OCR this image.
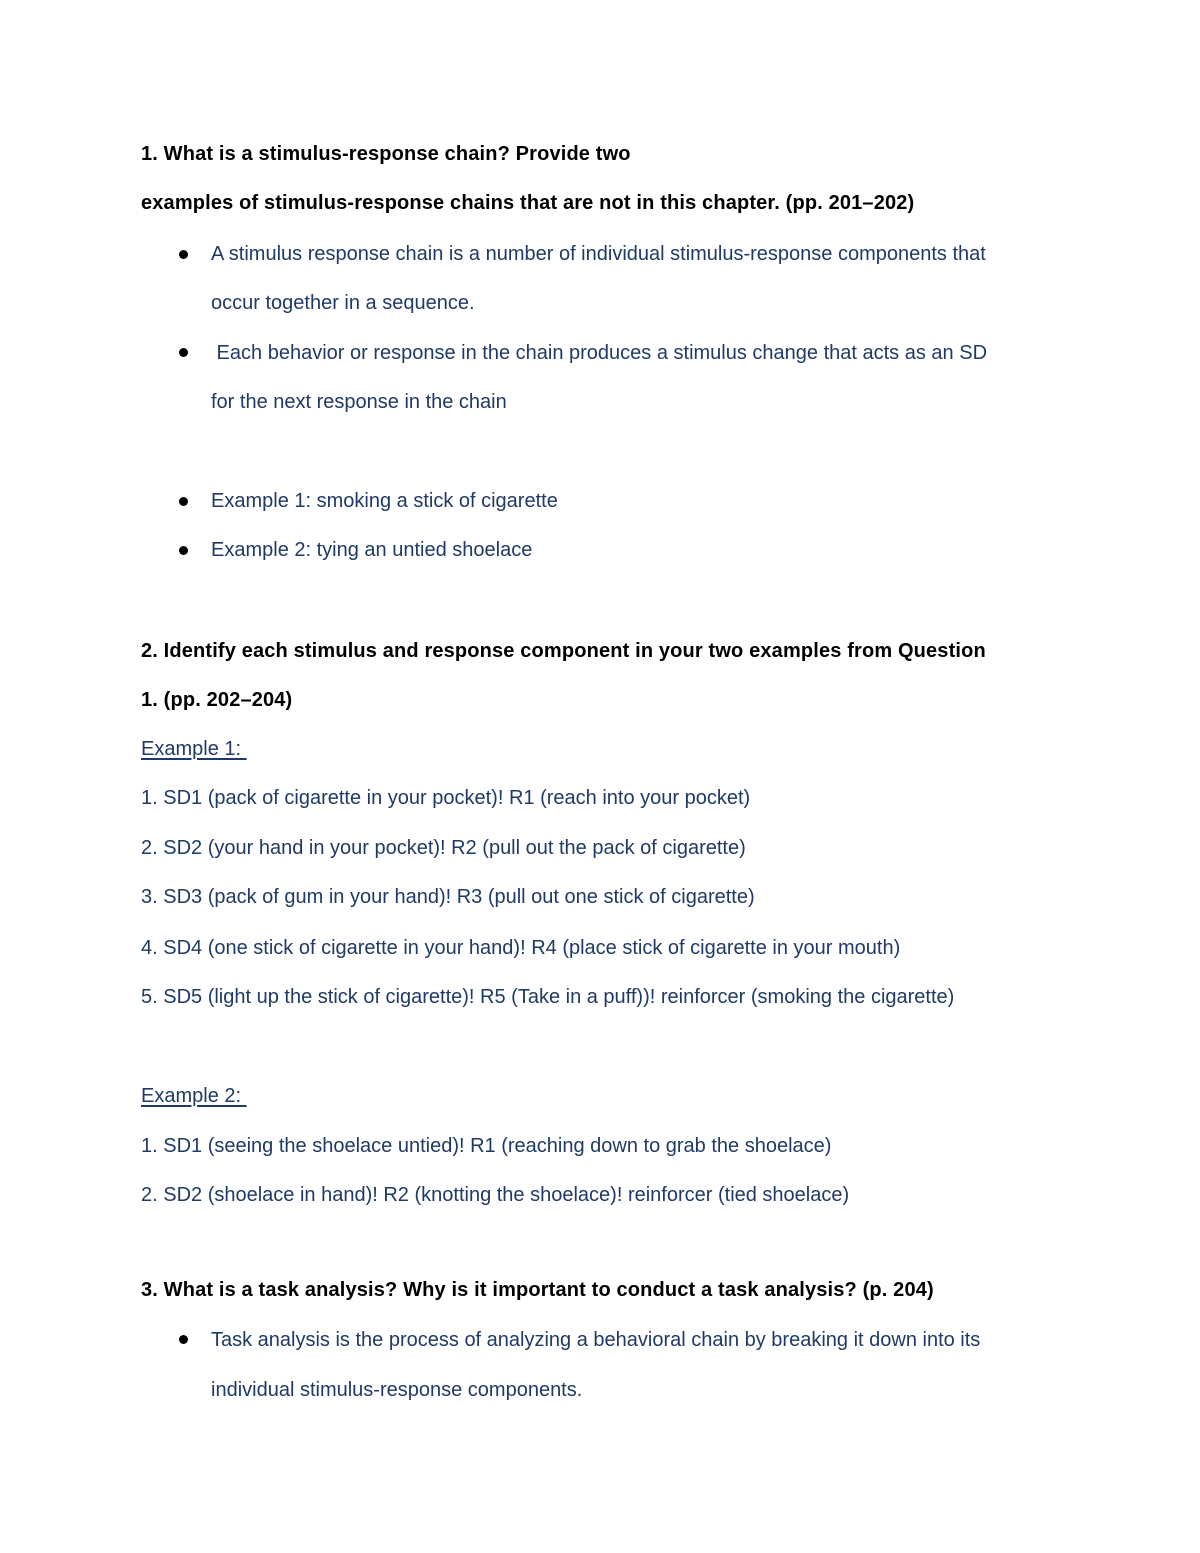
1. What is a stimulus-response chain? Provide two
examples of stimulus-response chains that are not in this chapter. (pp. 201–202)
A stimulus response chain is a number of individual stimulus-response components that
occur together in a sequence.
Each behavior or response in the chain produces a stimulus change that acts as an SD
for the next response in the chain
Example 1: smoking a stick of cigarette
Example 2: tying an untied shoelace
2. Identify each stimulus and response component in your two examples from Question
1. (pp. 202–204)
Example 1:
1. SD1 (pack of cigarette in your pocket)! R1 (reach into your pocket)
2. SD2 (your hand in your pocket)! R2 (pull out the pack of cigarette)
3. SD3 (pack of gum in your hand)! R3 (pull out one stick of cigarette)
4. SD4 (one stick of cigarette in your hand)! R4 (place stick of cigarette in your mouth)
5. SD5 (light up the stick of cigarette)! R5 (Take in a puff))! reinforcer (smoking the cigarette)
Example 2:
1. SD1 (seeing the shoelace untied)! R1 (reaching down to grab the shoelace)
2. SD2 (shoelace in hand)! R2 (knotting the shoelace)! reinforcer (tied shoelace)
3. What is a task analysis? Why is it important to conduct a task analysis? (p. 204)
Task analysis is the process of analyzing a behavioral chain by breaking it down into its
individual stimulus-response components.
